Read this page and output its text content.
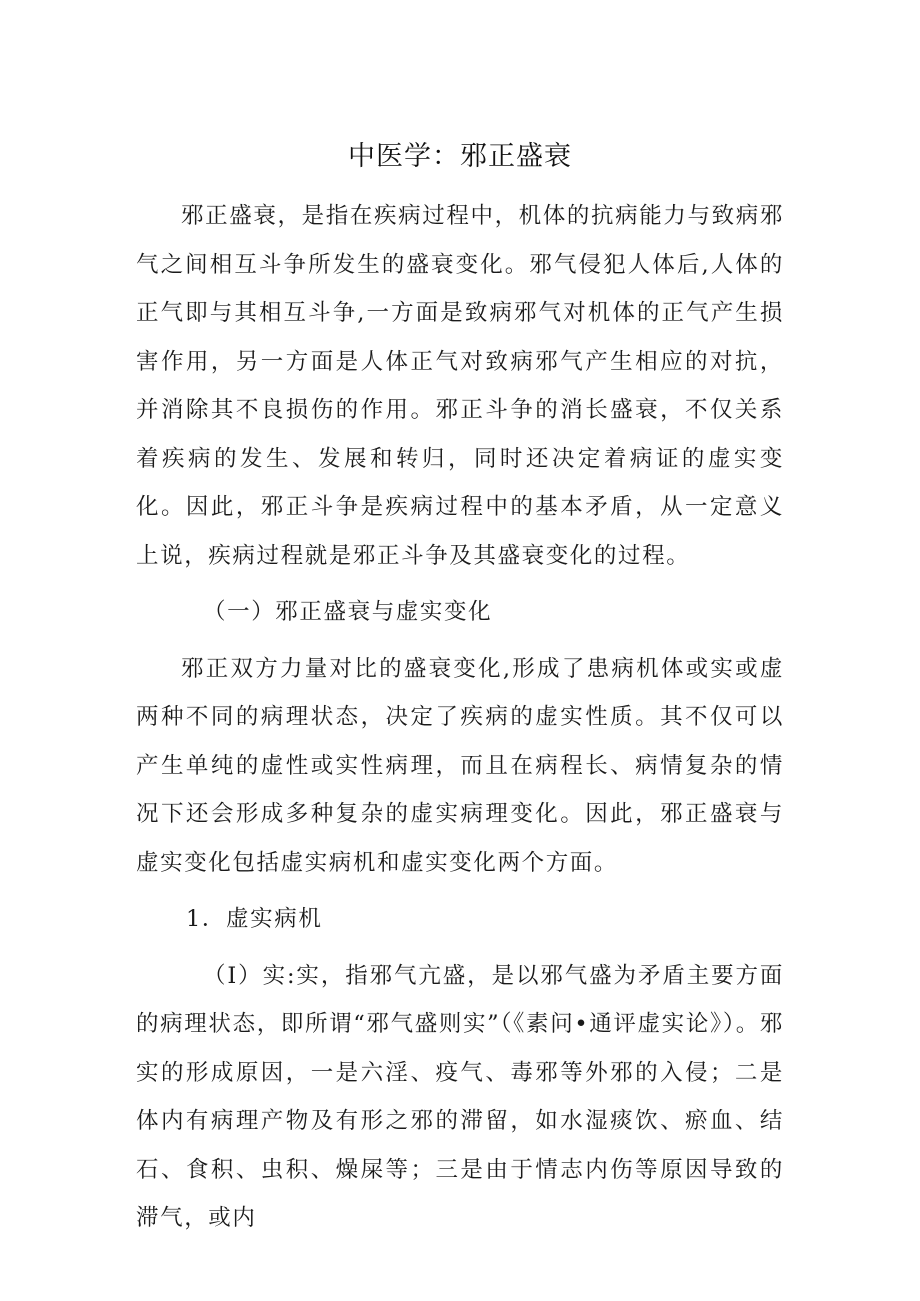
中医学：邪正盛衰

邪正盛衰，是指在疾病过程中，机体的抗病能力与致病邪气之间相互斗争所发生的盛衰变化。邪气侵犯人体后,人体的正气即与其相互斗争,一方面是致病邪气对机体的正气产生损害作用，另一方面是人体正气对致病邪气产生相应的对抗，并消除其不良损伤的作用。邪正斗争的消长盛衰，不仅关系着疾病的发生、发展和转归，同时还决定着病证的虚实变化。因此，邪正斗争是疾病过程中的基本矛盾，从一定意义上说，疾病过程就是邪正斗争及其盛衰变化的过程。

（一）邪正盛衰与虚实变化

邪正双方力量对比的盛衰变化,形成了患病机体或实或虚两种不同的病理状态，决定了疾病的虚实性质。其不仅可以产生单纯的虚性或实性病理，而且在病程长、病情复杂的情况下还会形成多种复杂的虚实病理变化。因此，邪正盛衰与虚实变化包括虚实病机和虚实变化两个方面。

1．虚实病机

（I）实:实，指邪气亢盛，是以邪气盛为矛盾主要方面的病理状态，即所谓“邪气盛则实”（《素问•通评虚实论》）。邪实的形成原因，一是六淫、疫气、毒邪等外邪的入侵；二是体内有病理产物及有形之邪的滞留，如水湿痰饮、瘀血、结石、食积、虫积、燥屎等；三是由于情志内伤等原因导致的滞气，或内
